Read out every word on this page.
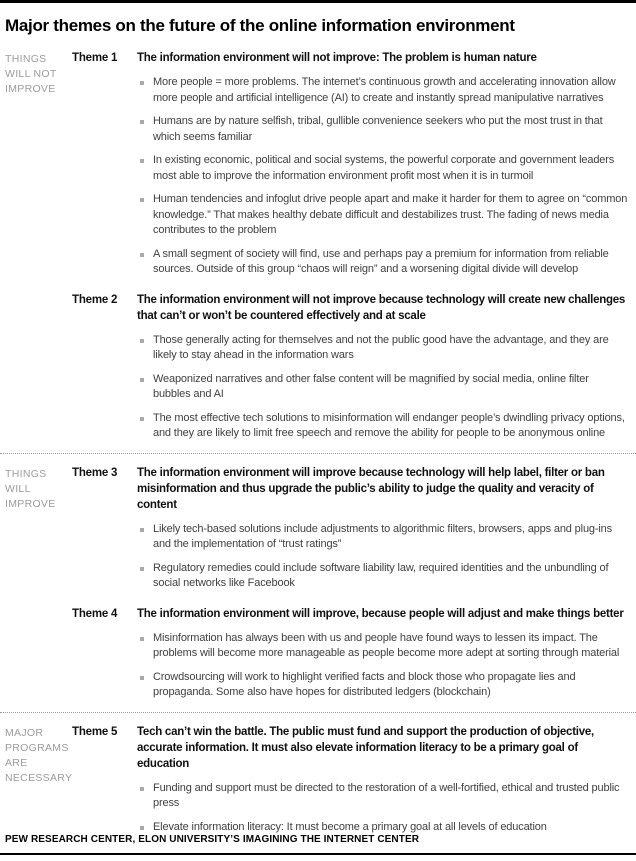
Major themes on the future of the online information environment
THINGS WILL NOT IMPROVE
Theme 1	The information environment will not improve: The problem is human nature

More people = more problems. The internet’s continuous growth and accelerating innovation allow more people and artificial intelligence (AI) to create and instantly spread manipulative narratives
Humans are by nature selfish, tribal, gullible convenience seekers who put the most trust in that which seems familiar
In existing economic, political and social systems, the powerful corporate and government leaders most able to improve the information environment profit most when it is in turmoil
Human tendencies and infoglut drive people apart and make it harder for them to agree on “common knowledge.” That makes healthy debate difficult and destabilizes trust. The fading of news media contributes to the problem
A small segment of society will find, use and perhaps pay a premium for information from reliable sources. Outside of this group “chaos will reign” and a worsening digital divide will develop
Theme 2	The information environment will not improve because technology will create new challenges that can’t or won’t be countered effectively and at scale

Those generally acting for themselves and not the public good have the advantage, and they are likely to stay ahead in the information wars
Weaponized narratives and other false content will be magnified by social media, online filter bubbles and AI
The most effective tech solutions to misinformation will endanger people’s dwindling privacy options, and they are likely to limit free speech and remove the ability for people to be anonymous online
THINGS WILL IMPROVE
Theme 3	The information environment will improve because technology will help label, filter or ban misinformation and thus upgrade the public’s ability to judge the quality and veracity of content

Likely tech-based solutions include adjustments to algorithmic filters, browsers, apps and plug-ins and the implementation of “trust ratings”
Regulatory remedies could include software liability law, required identities and the unbundling of social networks like Facebook
Theme 4	The information environment will improve, because people will adjust and make things better

Misinformation has always been with us and people have found ways to lessen its impact. The problems will become more manageable as people become more adept at sorting through material
Crowdsourcing will work to highlight verified facts and block those who propagate lies and propaganda. Some also have hopes for distributed ledgers (blockchain)
MAJOR PROGRAMS ARE NECESSARY
Theme 5	Tech can’t win the battle. The public must fund and support the production of objective, accurate information. It must also elevate information literacy to be a primary goal of education

Funding and support must be directed to the restoration of a well-fortified, ethical and trusted public press
Elevate information literacy: It must become a primary goal at all levels of education
PEW RESEARCH CENTER, ELON UNIVERSITY’S IMAGINING THE INTERNET CENTER
